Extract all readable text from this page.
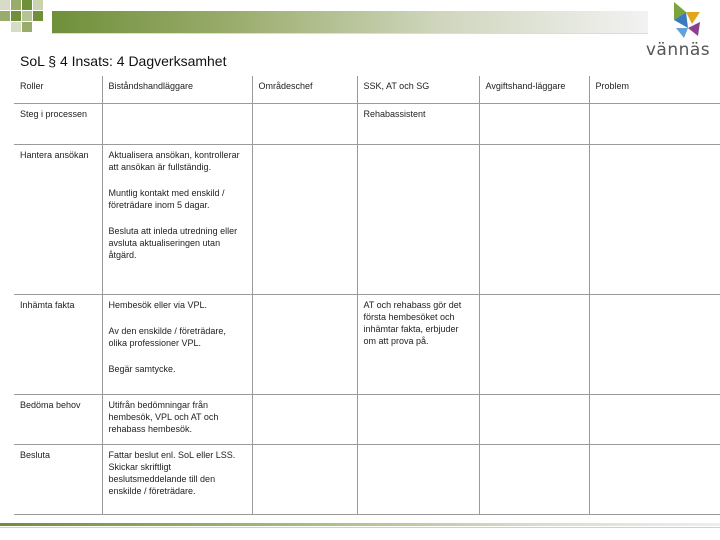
vännäs
SoL § 4 Insats: 4 Dagverksamhet
Roller	Biståndshandläggare	Områdeschef	SSK, AT och SG	Avgiftshand-läggare	Problem
Steg i processen			Rehabassistent		
Hantera ansökan	Aktualisera ansökan, kontrollerar att ansökan är fullständig.
Muntlig kontakt med enskild / företrädare inom 5 dagar.
Besluta att inleda utredning eller avsluta aktualiseringen utan åtgärd.				

Inhämta fakta	Hembesök eller via VPL.
Av den enskilde / företrädare, olika professioner VPL.
Begär samtycke.		AT och rehabass gör det första hembesöket och inhämtar fakta, erbjuder om att prova på.		
Bedöma behov	Utifrån bedömningar från hembesök, VPL och AT och rehabass hembesök.				
Besluta	Fattar beslut enl. SoL eller LSS. Skickar skriftligt beslutsmeddelande till den enskilde / företrädare.				
